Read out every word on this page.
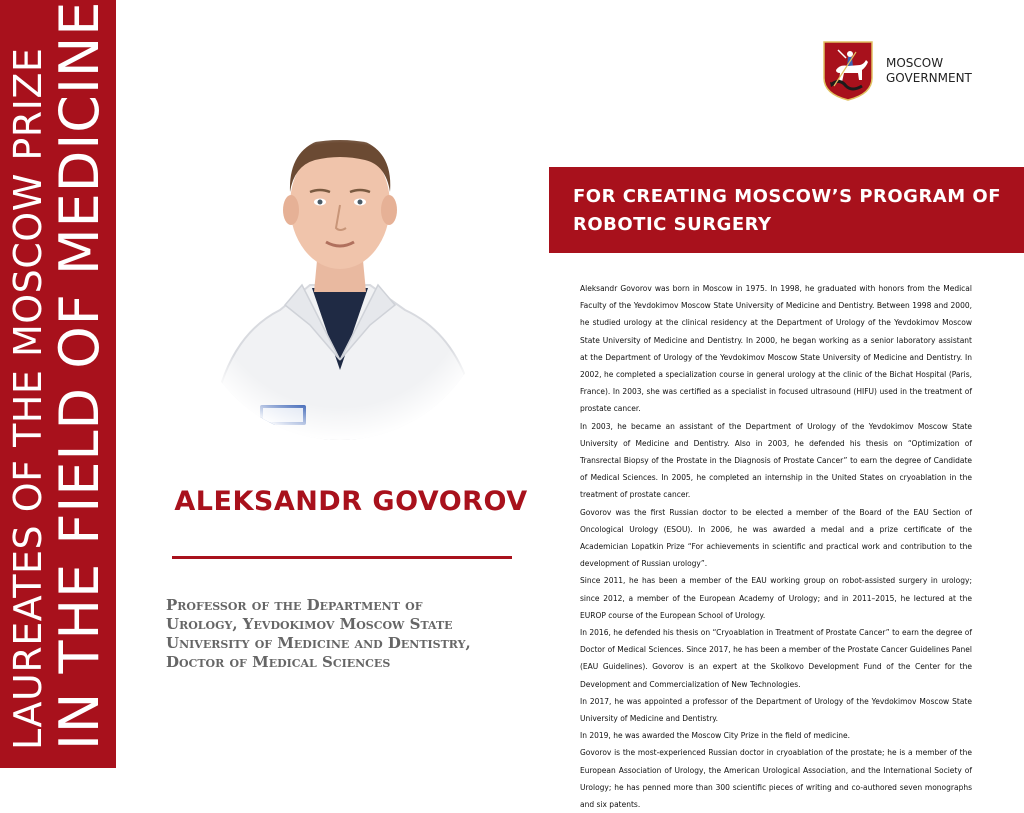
LAUREATES OF THE MOSCOW PRIZE
IN THE FIELD OF MEDICINE	MOSCOW
GOVERNMENT
FOR CREATING MOSCOW’S PROGRAM OF ROBOTIC SURGERY
ALEKSANDR GOVOROV
Professor of the Department of Urology, Yevdokimov Moscow State University of Medicine and Dentistry, Doctor of Medical Sciences

Aleksandr Govorov was born in Moscow in 1975. In 1998, he graduated with honors from the Medical Faculty of the Yevdokimov Moscow State University of Medicine and Dentistry. Between 1998 and 2000, he studied urology at the clinical residency at the Department of Urology of the Yevdokimov Moscow State University of Medicine and Dentistry. In 2000, he began working as a senior laboratory assistant at the Department of Urology of the Yevdokimov Moscow State University of Medicine and Dentistry. In 2002, he completed a specialization course in general urology at the clinic of the Bichat Hospital (Paris, France). In 2003, she was certified as a specialist in focused ultrasound (HIFU) used in the treatment of prostate cancer.

In 2003, he became an assistant of the Department of Urology of the Yevdokimov Moscow State University of Medicine and Dentistry. Also in 2003, he defended his thesis on “Optimization of Transrectal Biopsy of the Prostate in the Diagnosis of Prostate Cancer” to earn the degree of Candidate of Medical Sciences. In 2005, he completed an internship in the United States on cryoablation in the treatment of prostate cancer.

Govorov was the first Russian doctor to be elected a member of the Board of the EAU Section of Oncological Urology (ESOU). In 2006, he was awarded a medal and a prize certificate of the Academician Lopatkin Prize “For achievements in scientific and practical work and contribution to the development of Russian urology”.

Since 2011, he has been a member of the EAU working group on robot-assisted surgery in urology; since 2012, a member of the European Academy of Urology; and in 2011–2015, he lectured at the EUROP course of the European School of Urology.

In 2016, he defended his thesis on “Cryoablation in Treatment of Prostate Cancer” to earn the degree of Doctor of Medical Sciences. Since 2017, he has been a member of the Prostate Cancer Guidelines Panel (EAU Guidelines). Govorov is an expert at the Skolkovo Development Fund of the Center for the Development and Commercialization of New Technologies.

In 2017, he was appointed a professor of the Department of Urology of the Yevdokimov Moscow State University of Medicine and Dentistry.

In 2019, he was awarded the Moscow City Prize in the field of medicine.

Govorov is the most-experienced Russian doctor in cryoablation of the prostate; he is a member of the European Association of Urology, the American Urological Association, and the International Society of Urology; he has penned more than 300 scientific pieces of writing and co-authored seven monographs and six patents.
